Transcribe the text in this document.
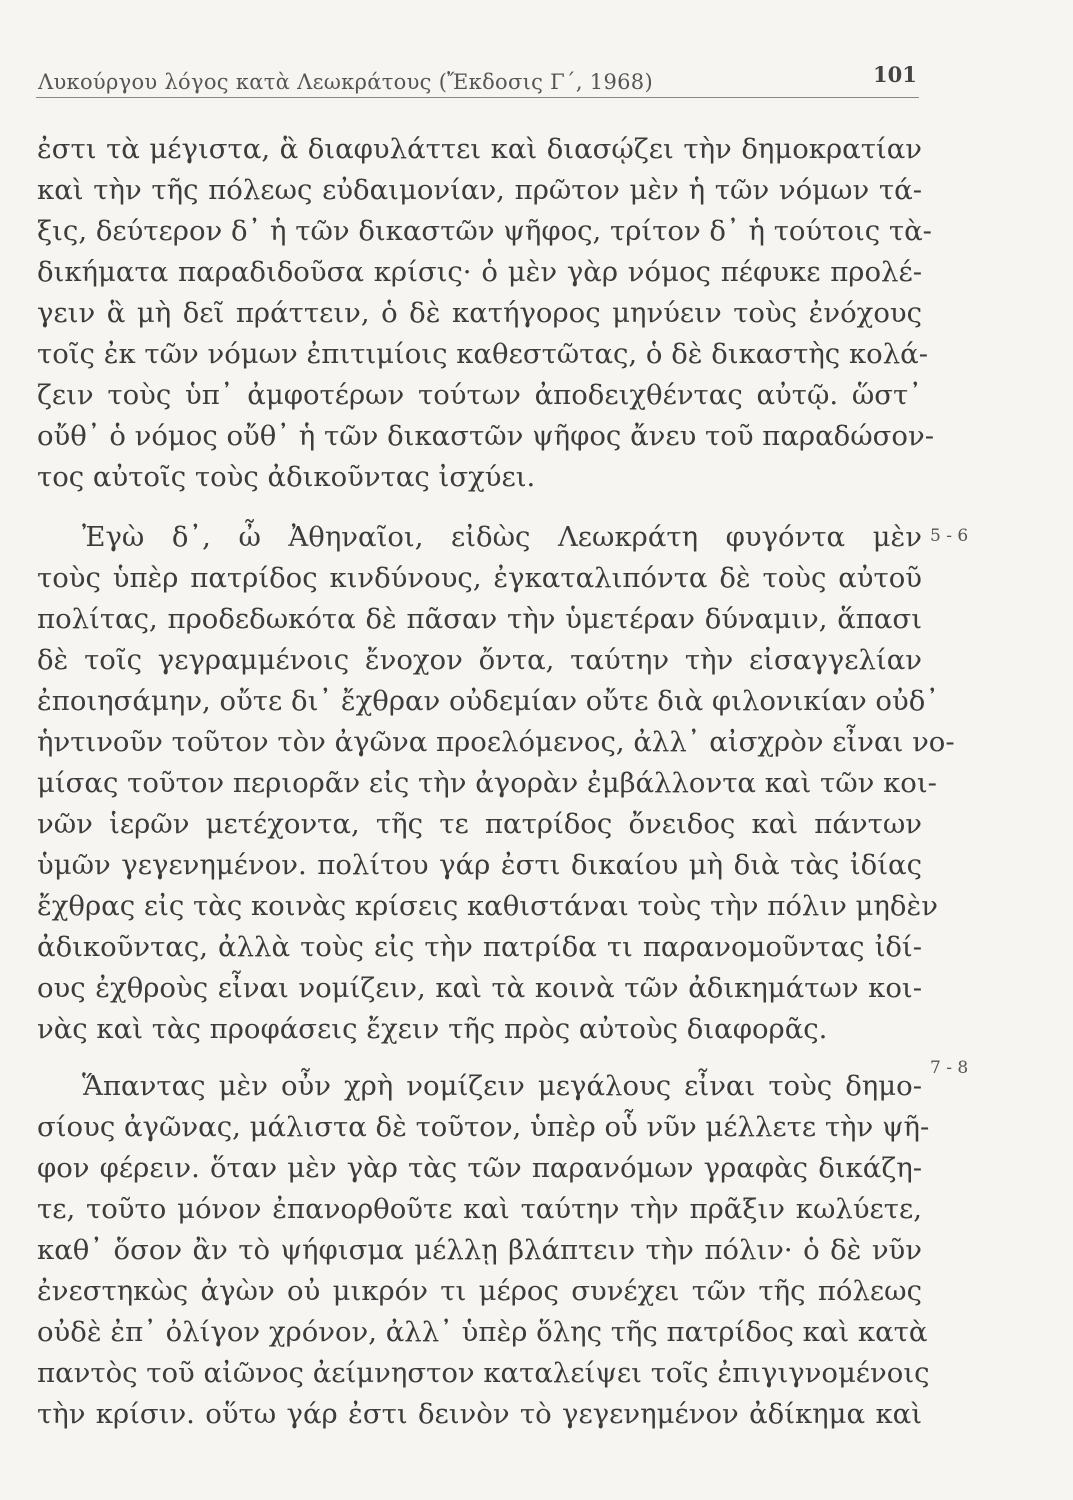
Λυκούργου λόγος κατὰ Λεωκράτους (Ἔκδοσις Γ΄, 1968)	101
ἐστι τὰ μέγιστα, ἃ διαφυλάττει καὶ διασῴζει τὴν δημοκρατίαν
καὶ τὴν τῆς πόλεως εὐδαιμονίαν, πρῶτον μὲν ἡ τῶν νόμων τά-
ξις, δεύτερον δ᾽ ἡ τῶν δικαστῶν ψῆφος, τρίτον δ᾽ ἡ τούτοις τὰ-
δικήματα παραδιδοῦσα κρίσις· ὁ μὲν γὰρ νόμος πέφυκε προλέ-
γειν ἃ μὴ δεῖ πράττειν, ὁ δὲ κατήγορος μηνύειν τοὺς ἐνόχους
τοῖς ἐκ τῶν νόμων ἐπιτιμίοις καθεστῶτας, ὁ δὲ δικαστὴς κολά-
ζειν τοὺς ὑπ᾽ ἀμφοτέρων τούτων ἀποδειχθέντας αὐτῷ. ὥστ᾽
οὔθ᾽ ὁ νόμος οὔθ᾽ ἡ τῶν δικαστῶν ψῆφος ἄνευ τοῦ παραδώσον-
τος αὐτοῖς τοὺς ἀδικοῦντας ἰσχύει.
Ἐγὼ δ᾽, ὦ Ἀθηναῖοι, εἰδὼς Λεωκράτη φυγόντα μὲν
τοὺς ὑπὲρ πατρίδος κινδύνους, ἐγκαταλιπόντα δὲ τοὺς αὐτοῦ
πολίτας, προδεδωκότα δὲ πᾶσαν τὴν ὑμετέραν δύναμιν, ἅπασι
δὲ τοῖς γεγραμμένοις ἔνοχον ὄντα, ταύτην τὴν εἰσαγγελίαν
ἐποιησάμην, οὔτε δι᾽ ἔχθραν οὐδεμίαν οὔτε διὰ φιλονικίαν οὐδ᾽
ἡντινοῦν τοῦτον τὸν ἀγῶνα προελόμενος, ἀλλ᾽ αἰσχρὸν εἶναι νο-
μίσας τοῦτον περιορᾶν εἰς τὴν ἀγορὰν ἐμβάλλοντα καὶ τῶν κοι-
νῶν ἱερῶν μετέχοντα, τῆς τε πατρίδος ὄνειδος καὶ πάντων
ὑμῶν γεγενημένον. πολίτου γάρ ἐστι δικαίου μὴ διὰ τὰς ἰδίας
ἔχθρας εἰς τὰς κοινὰς κρίσεις καθιστάναι τοὺς τὴν πόλιν μηδὲν
ἀδικοῦντας, ἀλλὰ τοὺς εἰς τὴν πατρίδα τι παρανομοῦντας ἰδί-
ους ἐχθροὺς εἶναι νομίζειν, καὶ τὰ κοινὰ τῶν ἀδικημάτων κοι-
νὰς καὶ τὰς προφάσεις ἔχειν τῆς πρὸς αὐτοὺς διαφορᾶς.
Ἅπαντας μὲν οὖν χρὴ νομίζειν μεγάλους εἶναι τοὺς δημο-
σίους ἀγῶνας, μάλιστα δὲ τοῦτον, ὑπὲρ οὗ νῦν μέλλετε τὴν ψῆ-
φον φέρειν. ὅταν μὲν γὰρ τὰς τῶν παρανόμων γραφὰς δικάζη-
τε, τοῦτο μόνον ἐπανορθοῦτε καὶ ταύτην τὴν πρᾶξιν κωλύετε,
καθ᾽ ὅσον ἂν τὸ ψήφισμα μέλλῃ βλάπτειν τὴν πόλιν· ὁ δὲ νῦν
ἐνεστηκὼς ἀγὼν οὐ μικρόν τι μέρος συνέχει τῶν τῆς πόλεως
οὐδὲ ἐπ᾽ ὀλίγον χρόνον, ἀλλ᾽ ὑπὲρ ὅλης τῆς πατρίδος καὶ κατὰ
παντὸς τοῦ αἰῶνος ἀείμνηστον καταλείψει τοῖς ἐπιγιγνομένοις
τὴν κρίσιν. οὕτω γάρ ἐστι δεινὸν τὸ γεγενημένον ἀδίκημα καὶ
5 - 6
7 - 8
